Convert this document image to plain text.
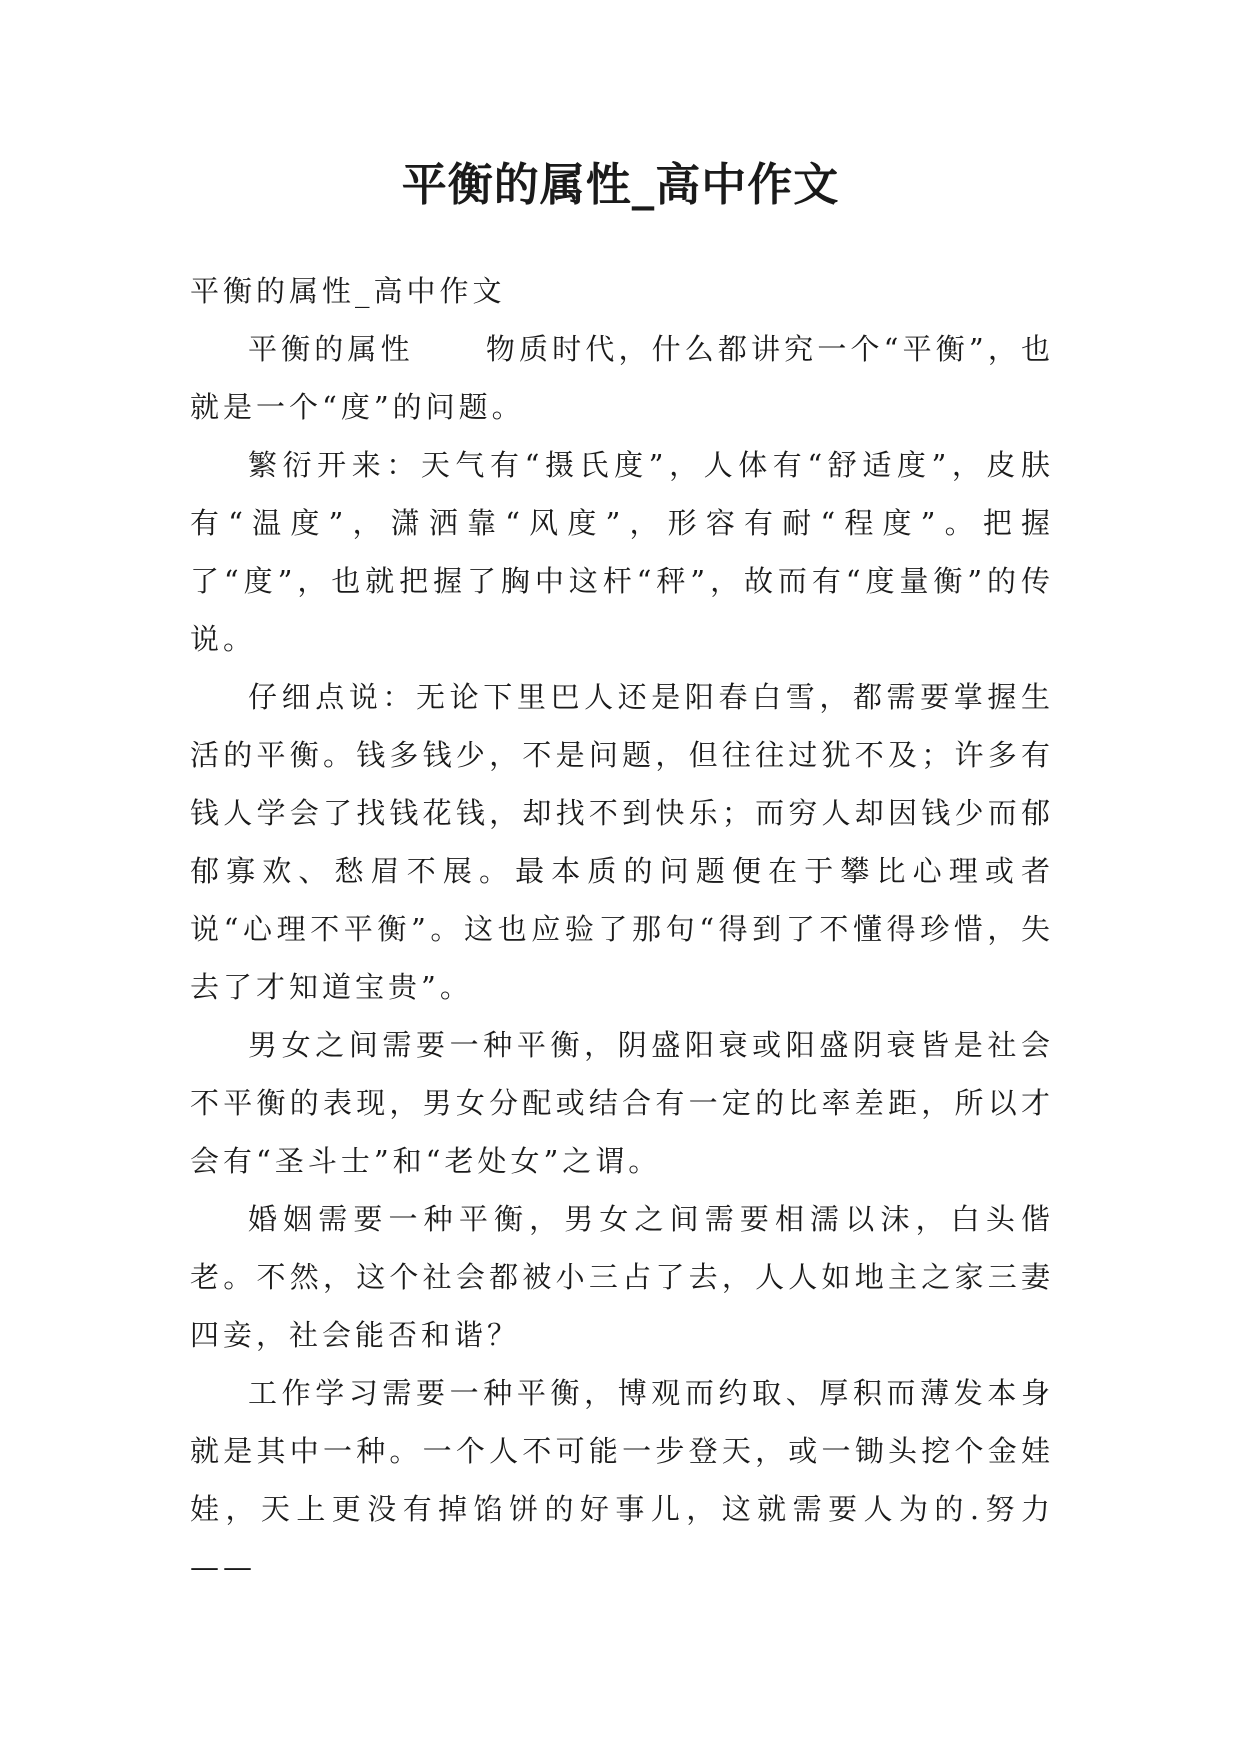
平衡的属性_高中作文

平衡的属性_高中作文

平衡的属性 物质时代，什么都讲究一个“平衡”，也就是一个“度”的问题。

繁衍开来：天气有“摄氏度”，人体有“舒适度”，皮肤有“温度”，潇洒靠“风度”，形容有耐“程度”。把握了“度”，也就把握了胸中这杆“秤”，故而有“度量衡”的传说。

仔细点说：无论下里巴人还是阳春白雪，都需要掌握生活的平衡。钱多钱少，不是问题，但往往过犹不及；许多有钱人学会了找钱花钱，却找不到快乐；而穷人却因钱少而郁郁寡欢、愁眉不展。最本质的问题便在于攀比心理或者说“心理不平衡”。这也应验了那句“得到了不懂得珍惜，失去了才知道宝贵”。

男女之间需要一种平衡，阴盛阳衰或阳盛阴衰皆是社会不平衡的表现，男女分配或结合有一定的比率差距，所以才会有“圣斗士”和“老处女”之谓。

婚姻需要一种平衡，男女之间需要相濡以沫，白头偕老。不然，这个社会都被小三占了去，人人如地主之家三妻四妾，社会能否和谐？

工作学习需要一种平衡，博观而约取、厚积而薄发本身就是其中一种。一个人不可能一步登天，或一锄头挖个金娃娃，天上更没有掉馅饼的好事儿，这就需要人为的.努力——
